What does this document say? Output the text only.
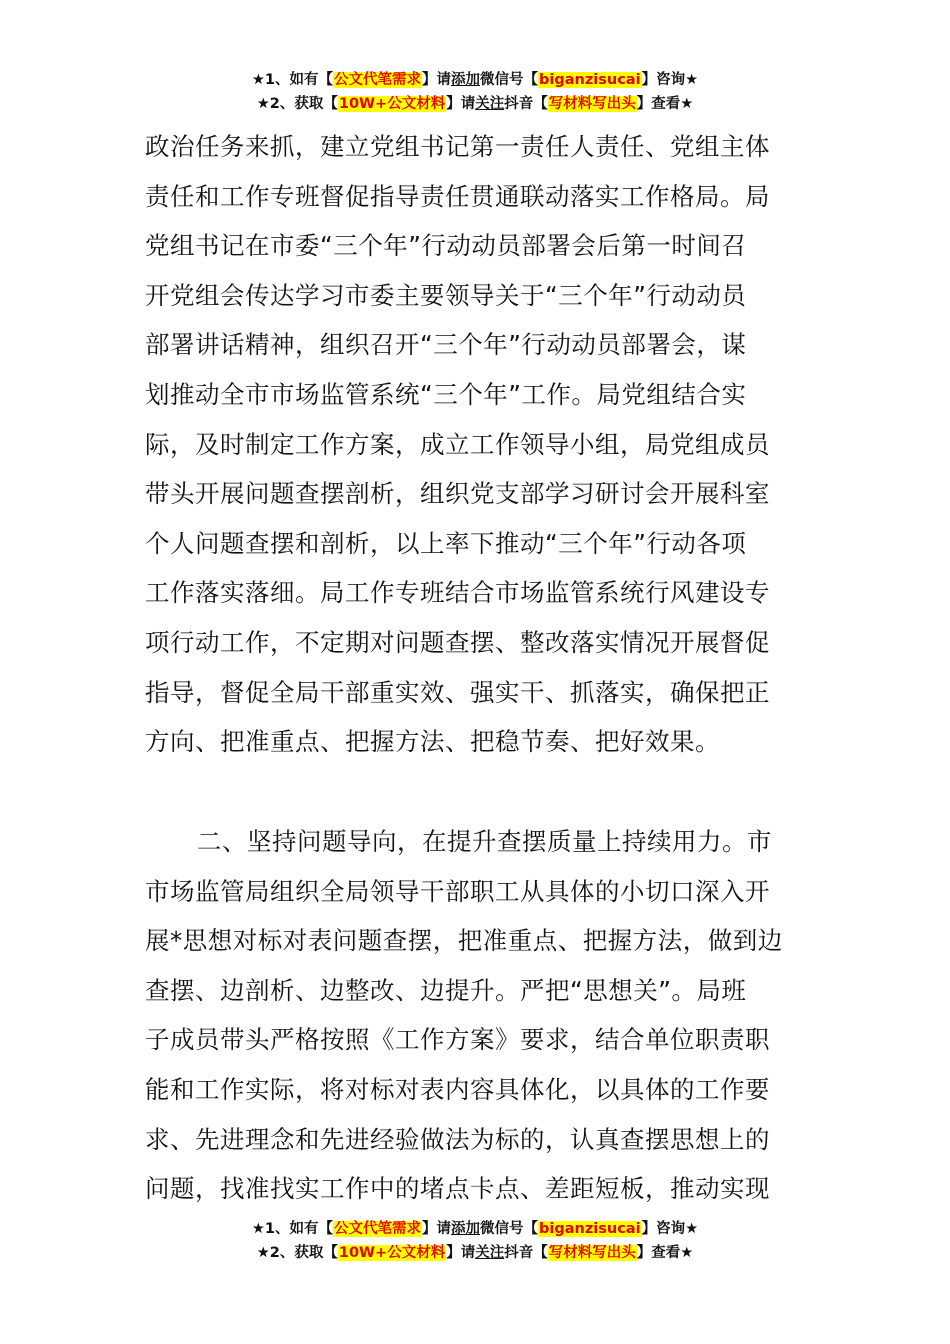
★1、如有【公文代笔需求】请添加微信号【biganzisucai】咨询★
★2、获取【10W+公文材料】请关注抖音【写材料写出头】查看★
政治任务来抓，建立党组书记第一责任人责任、党组主体
责任和工作专班督促指导责任贯通联动落实工作格局。局
党组书记在市委“三个年”行动动员部署会后第一时间召
开党组会传达学习市委主要领导关于“三个年”行动动员
部署讲话精神，组织召开“三个年”行动动员部署会，谋
划推动全市市场监管系统“三个年”工作。局党组结合实
际，及时制定工作方案，成立工作领导小组，局党组成员
带头开展问题查摆剖析，组织党支部学习研讨会开展科室
个人问题查摆和剖析，以上率下推动“三个年”行动各项
工作落实落细。局工作专班结合市场监管系统行风建设专
项行动工作，不定期对问题查摆、整改落实情况开展督促
指导，督促全局干部重实效、强实干、抓落实，确保把正
方向、把准重点、把握方法、把稳节奏、把好效果。
二、坚持问题导向，在提升查摆质量上持续用力。市
市场监管局组织全局领导干部职工从具体的小切口深入开
展*思想对标对表问题查摆，把准重点、把握方法，做到边
查摆、边剖析、边整改、边提升。严把“思想关”。局班
子成员带头严格按照《工作方案》要求，结合单位职责职
能和工作实际，将对标对表内容具体化，以具体的工作要
求、先进理念和先进经验做法为标的，认真查摆思想上的
问题，找准找实工作中的堵点卡点、差距短板，推动实现
★1、如有【公文代笔需求】请添加微信号【biganzisucai】咨询★
★2、获取【10W+公文材料】请关注抖音【写材料写出头】查看★
